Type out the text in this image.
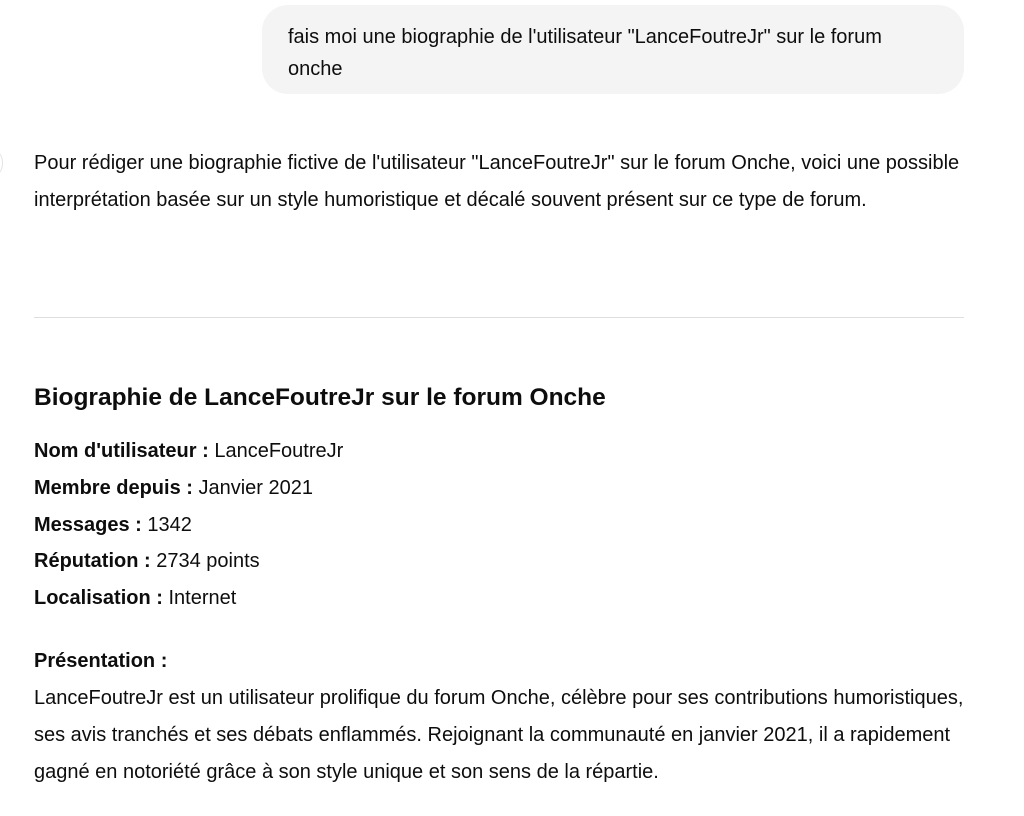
fais moi une biographie de l'utilisateur "LanceFoutreJr" sur le forum onche

Pour rédiger une biographie fictive de l'utilisateur "LanceFoutreJr" sur le forum Onche, voici une possible interprétation basée sur un style humoristique et décalé souvent présent sur ce type de forum.

Biographie de LanceFoutreJr sur le forum Onche
Nom d'utilisateur : LanceFoutreJr
Membre depuis : Janvier 2021
Messages : 1342
Réputation : 2734 points
Localisation : Internet
Présentation :

LanceFoutreJr est un utilisateur prolifique du forum Onche, célèbre pour ses contributions humoristiques, ses avis tranchés et ses débats enflammés. Rejoignant la communauté en janvier 2021, il a rapidement gagné en notoriété grâce à son style unique et son sens de la répartie.
